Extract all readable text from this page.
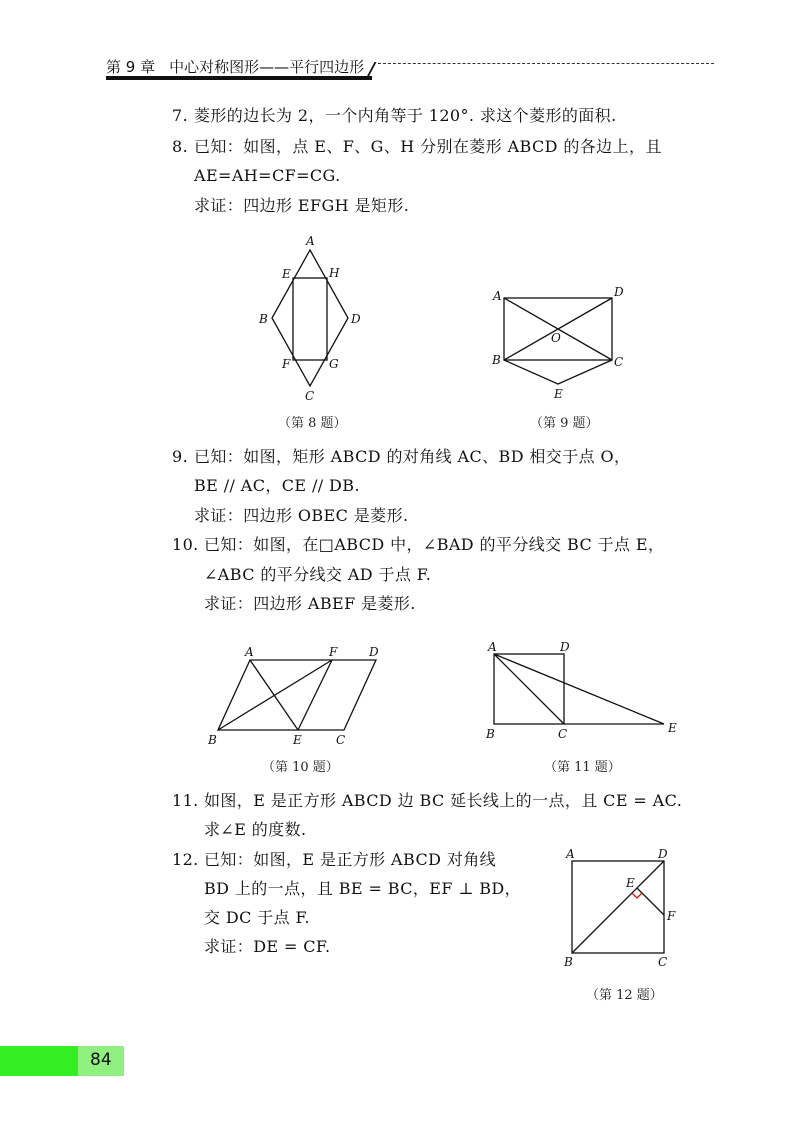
第 9 章 中心对称图形——平行四边形
7. 菱形的边长为 2，一个内角等于 120°. 求这个菱形的面积.
8. 已知：如图，点 E、F、G、H 分别在菱形 ABCD 的各边上，且
AE=AH=CF=CG.
求证：四边形 EFGH 是矩形.
A
E	H
B	D
F	G
C
（第 8 题）
A	D
O
B	C
E
（第 9 题）
9. 已知：如图，矩形 ABCD 的对角线 AC、BD 相交于点 O，
BE // AC，CE // DB.
求证：四边形 OBEC 是菱形.
10. 已知：如图，在□ABCD 中，∠BAD 的平分线交 BC 于点 E，
∠ABC 的平分线交 AD 于点 F.
求证：四边形 ABEF 是菱形.
A	F	D
B	E	C
（第 10 题）
A	D
B	C	E
（第 11 题）
11. 如图，E 是正方形 ABCD 边 BC 延长线上的一点，且 CE = AC.
求∠E 的度数.
12. 已知：如图，E 是正方形 ABCD 对角线
BD 上的一点，且 BE = BC，EF ⊥ BD，
交 DC 于点 F.
求证：DE = CF.
A	D
E
F
B	C
（第 12 题）
84
